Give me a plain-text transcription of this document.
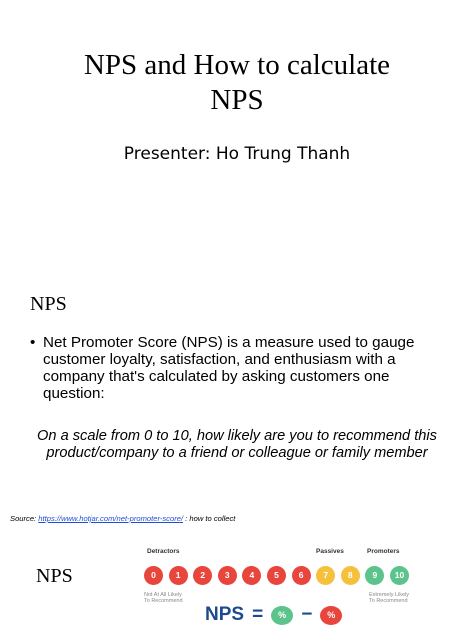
NPS and How to calculate
NPS
Presenter: Ho Trung Thanh
NPS
• Net Promoter Score (NPS) is a measure used to gauge customer loyalty, satisfaction, and enthusiasm with a company that's calculated by asking customers one question:
On a scale from 0 to 10, how likely are you to recommend this product/company to a friend or colleague or family member
Source: https://www.hotjar.com/net-promoter-score/ : how to collect
NPS
Detractors	Passives	Promoters
0	1	2	3	4	5	6	7	8	9	10
Not At All Likely
To Recommend
Extremely Likely
To Recommend
NPS =	% −	%
